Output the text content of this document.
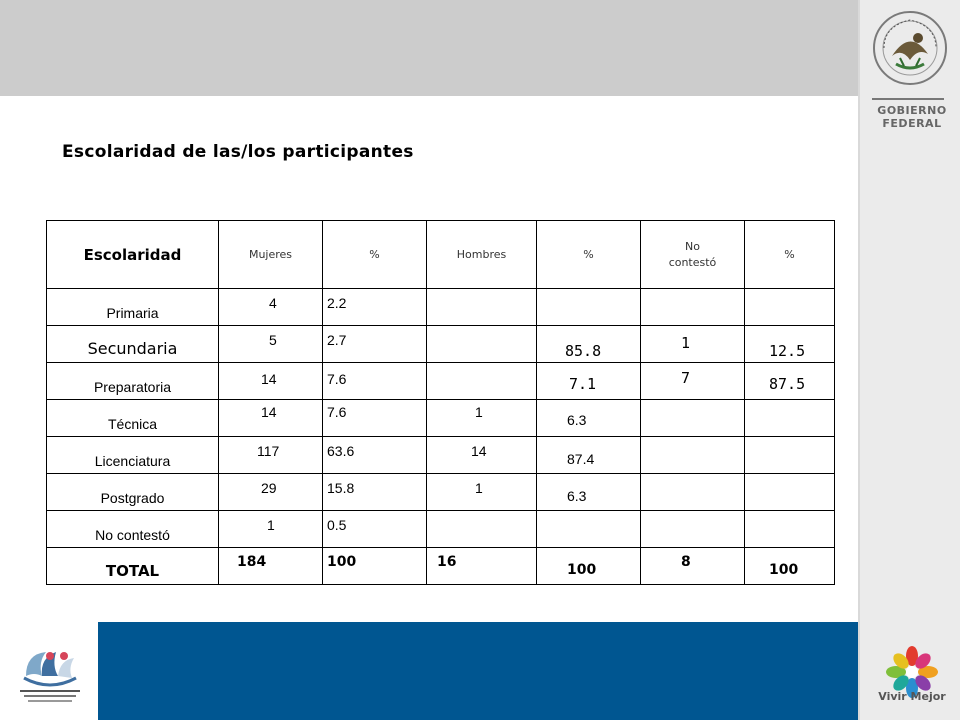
GOBIERNO
FEDERAL
Escolaridad de las/los participantes
Escolaridad	Mujeres	%	Hombres	%	No contestó	%

Primaria	4	2.2				

Secundaria	5	2.7		85.8	1	12.5

Preparatoria	14	7.6		7.1	7	87.5

Técnica	14	7.6	1	6.3		

Licenciatura	117	63.6	14	87.4		

Postgrado	29	15.8	1	6.3		

No contestó	1	0.5				

TOTAL	184	100	16	100	8	100
Vivir Mejor
